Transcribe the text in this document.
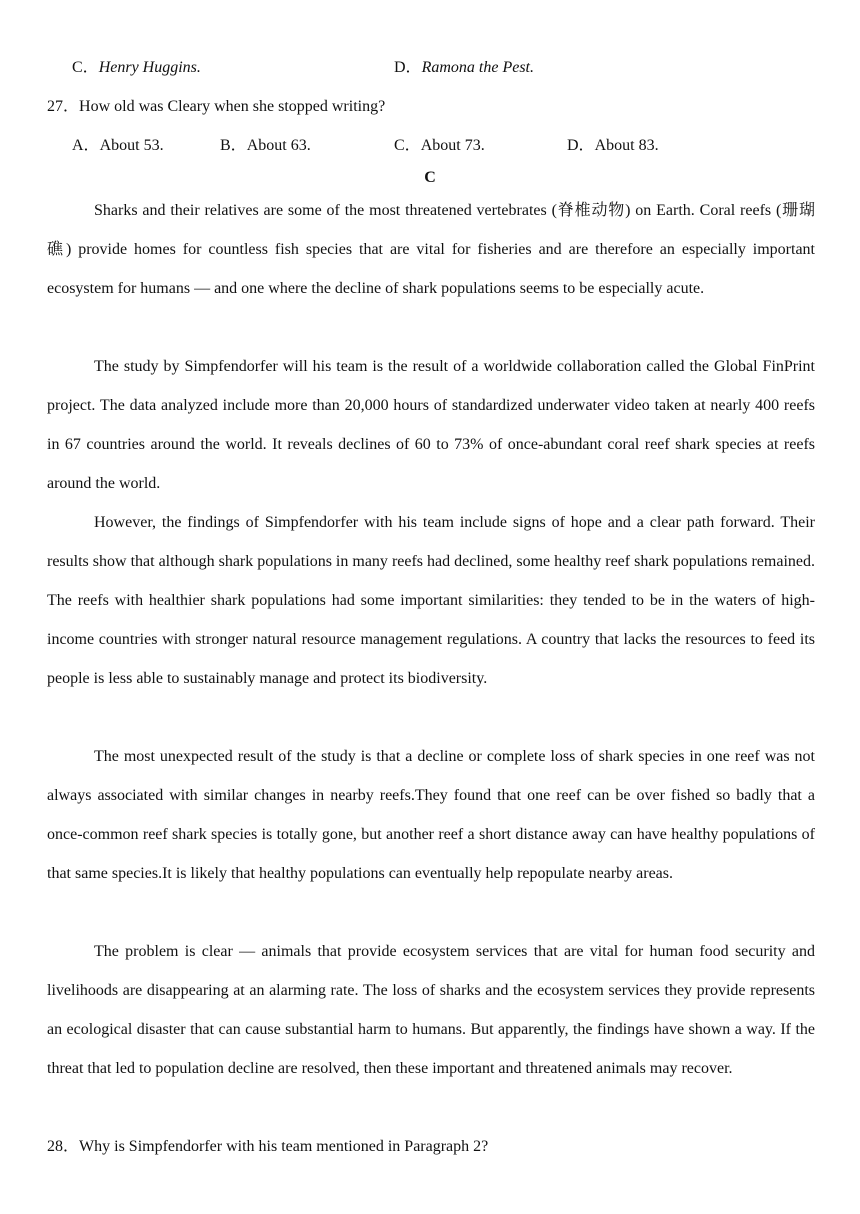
C．Henry Huggins.	D．Ramona the Pest.
27．How old was Cleary when she stopped writing?
A．About 53.	B．About 63.	C．About 73.	D．About 83.
C

Sharks and their relatives are some of the most threatened vertebrates (脊椎动物) on Earth. Coral reefs (珊瑚礁) provide homes for countless fish species that are vital for fisheries and are therefore an especially important ecosystem for humans — and one where the decline of shark populations seems to be especially acute.

The study by Simpfendorfer will his team is the result of a worldwide collaboration called the Global FinPrint project. The data analyzed include more than 20,000 hours of standardized underwater video taken at nearly 400 reefs in 67 countries around the world. It reveals declines of 60 to 73% of once-abundant coral reef shark species at reefs around the world.

However, the findings of Simpfendorfer with his team include signs of hope and a clear path forward. Their results show that although shark populations in many reefs had declined, some healthy reef shark populations remained. The reefs with healthier shark populations had some important similarities: they tended to be in the waters of high-income countries with stronger natural resource management regulations. A country that lacks the resources to feed its people is less able to sustainably manage and protect its biodiversity.

The most unexpected result of the study is that a decline or complete loss of shark species in one reef was not always associated with similar changes in nearby reefs.They found that one reef can be over fished so badly that a once-common reef shark species is totally gone, but another reef a short distance away can have healthy populations of that same species.It is likely that healthy populations can eventually help repopulate nearby areas.

The problem is clear — animals that provide ecosystem services that are vital for human food security and livelihoods are disappearing at an alarming rate. The loss of sharks and the ecosystem services they provide represents an ecological disaster that can cause substantial harm to humans. But apparently, the findings have shown a way. If the threat that led to population decline are resolved, then these important and threatened animals may recover.

28．Why is Simpfendorfer with his team mentioned in Paragraph 2?
